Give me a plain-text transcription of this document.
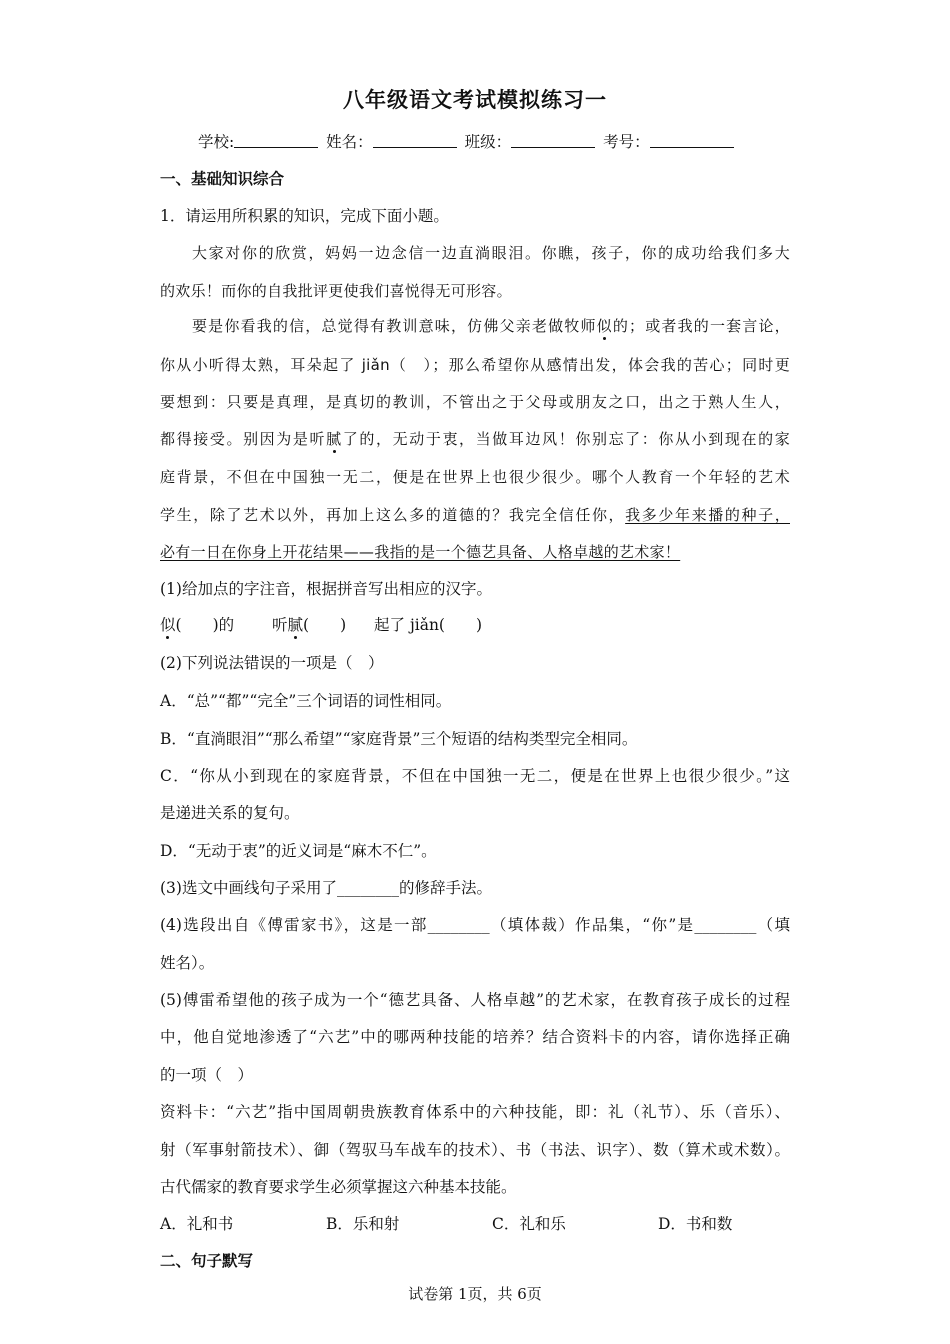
八年级语文考试模拟练习一
学校:	姓名：	班级：	考号：
一、基础知识综合
1．请运用所积累的知识，完成下面小题。
大家对你的欣赏，妈妈一边念信一边直淌眼泪。你瞧，孩子，你的成功给我们多大
的欢乐！而你的自我批评更使我们喜悦得无可形容。
要是你看我的信，总觉得有教训意味，仿佛父亲老做牧师似的；或者我的一套言论，
你从小听得太熟，耳朵起了 jiǎn（　）；那么希望你从感情出发，体会我的苦心；同时更
要想到：只要是真理，是真切的教训，不管出之于父母或朋友之口，出之于熟人生人，
都得接受。别因为是听腻了的，无动于衷，当做耳边风！你别忘了：你从小到现在的家
庭背景，不但在中国独一无二，便是在世界上也很少很少。哪个人教育一个年轻的艺术
学生，除了艺术以外，再加上这么多的道德的？我完全信任你，我多少年来播的种子，
必有一日在你身上开花结果——我指的是一个德艺具备、人格卓越的艺术家！
(1)给加点的字注音，根据拼音写出相应的汉字。
似(　　)的 听腻(　　) 起了 jiǎn(　　)
(2)下列说法错误的一项是（　）
A．“总”“都”“完全”三个词语的词性相同。
B．“直淌眼泪”“那么希望”“家庭背景”三个短语的结构类型完全相同。
C．“你从小到现在的家庭背景，不但在中国独一无二，便是在世界上也很少很少。”这
是递进关系的复句。
D．“无动于衷”的近义词是“麻木不仁”。
(3)选文中画线句子采用了________的修辞手法。
(4)选段出自《傅雷家书》，这是一部________（填体裁）作品集，“你”是________（填
姓名）。
(5)傅雷希望他的孩子成为一个“德艺具备、人格卓越”的艺术家，在教育孩子成长的过程
中，他自觉地渗透了“六艺”中的哪两种技能的培养？结合资料卡的内容，请你选择正确
的一项（　）
资料卡：“六艺”指中国周朝贵族教育体系中的六种技能，即：礼（礼节）、乐（音乐）、
射（军事射箭技术）、御（驾驭马车战车的技术）、书（书法、识字）、数（算术或术数）。
古代儒家的教育要求学生必须掌握这六种基本技能。
A．礼和书	B．乐和射	C．礼和乐	D．书和数
二、句子默写
试卷第 1页，共 6页
